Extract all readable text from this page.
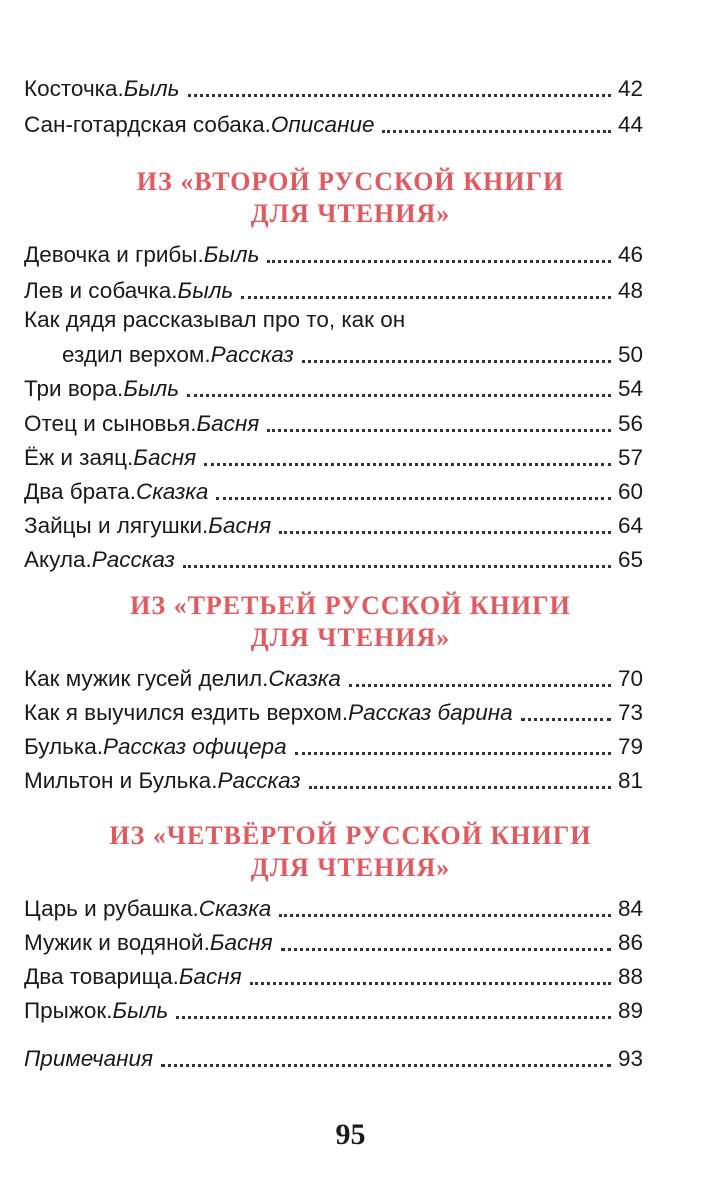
Косточка. Быль	42
Сан-готардская собака. Описание	44
ИЗ «ВТОРОЙ РУССКОЙ КНИГИ
ДЛЯ ЧТЕНИЯ»
Девочка и грибы. Быль	46
Лев и собачка. Быль	48
Как дядя рассказывал про то, как он
ездил верхом. Рассказ	50
Три вора. Быль	54
Отец и сыновья. Басня	56
Ёж и заяц. Басня	57
Два брата. Сказка	60
Зайцы и лягушки. Басня	64
Акула. Рассказ	65
ИЗ «ТРЕТЬЕЙ РУССКОЙ КНИГИ
ДЛЯ ЧТЕНИЯ»
Как мужик гусей делил. Сказка	70
Как я выучился ездить верхом. Рассказ барина	73
Булька. Рассказ офицера	79
Мильтон и Булька. Рассказ	81
ИЗ «ЧЕТВЁРТОЙ РУССКОЙ КНИГИ
ДЛЯ ЧТЕНИЯ»
Царь и рубашка. Сказка	84
Мужик и водяной. Басня	86
Два товарища. Басня	88
Прыжок. Быль	89
Примечания	93
95
